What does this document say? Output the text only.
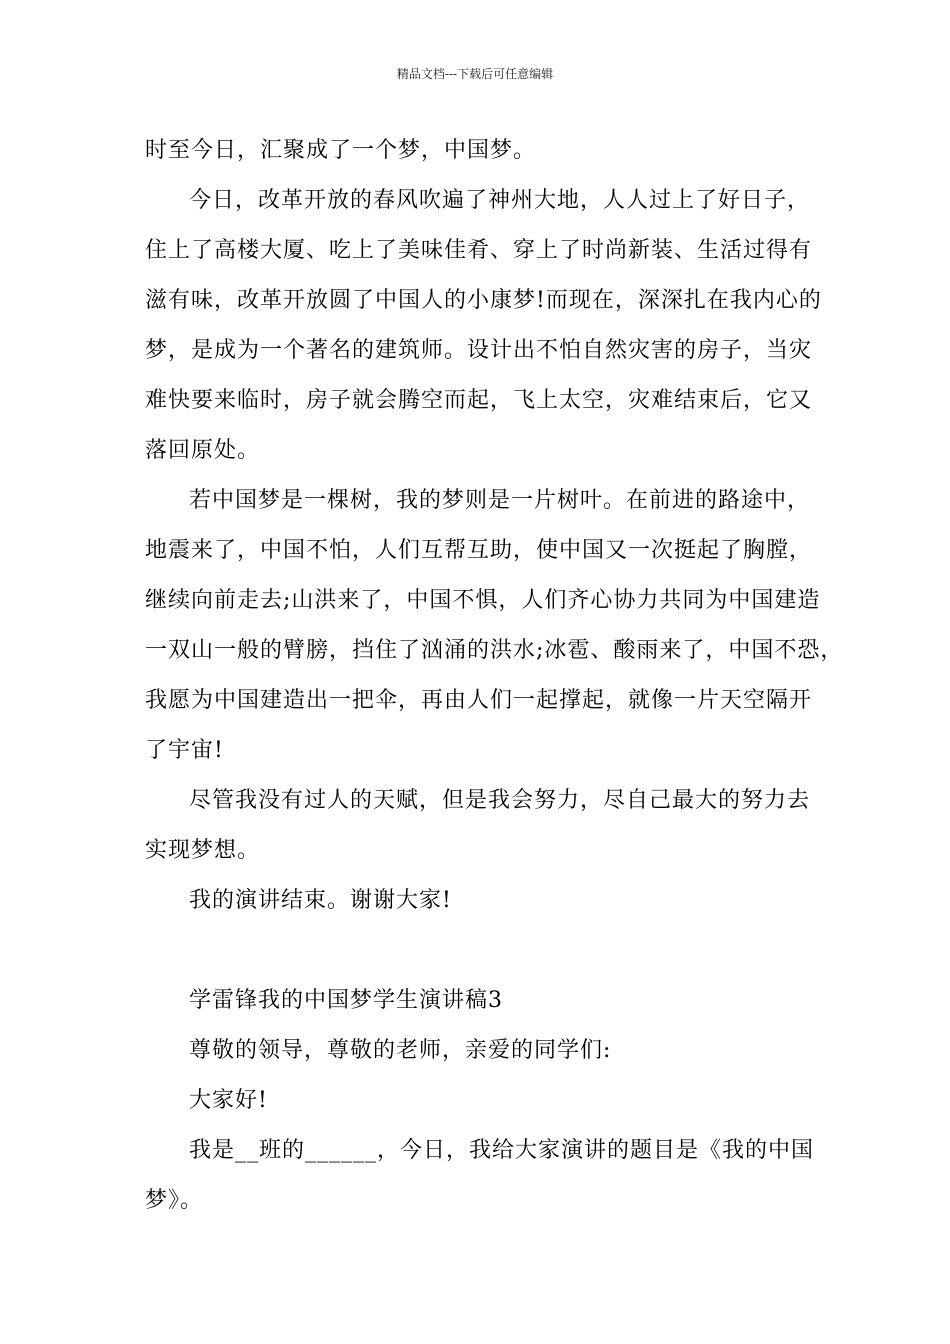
精品文档---下载后可任意编辑

时至今日，汇聚成了一个梦，中国梦。

今日，改革开放的春风吹遍了神州大地，人人过上了好日子，

住上了高楼大厦、吃上了美味佳肴、穿上了时尚新装、生活过得有

滋有味，改革开放圆了中国人的小康梦!而现在，深深扎在我内心的

梦，是成为一个著名的建筑师。设计出不怕自然灾害的房子，当灾

难快要来临时，房子就会腾空而起，飞上太空，灾难结束后，它又

落回原处。

若中国梦是一棵树，我的梦则是一片树叶。在前进的路途中，

地震来了，中国不怕，人们互帮互助，使中国又一次挺起了胸膛，

继续向前走去;山洪来了，中国不惧，人们齐心协力共同为中国建造

一双山一般的臂膀，挡住了汹涌的洪水;冰雹、酸雨来了，中国不恐，

我愿为中国建造出一把伞，再由人们一起撑起，就像一片天空隔开

了宇宙!

尽管我没有过人的天赋，但是我会努力，尽自己最大的努力去

实现梦想。

我的演讲结束。谢谢大家!

学雷锋我的中国梦学生演讲稿3

尊敬的领导，尊敬的老师，亲爱的同学们:

大家好!

我是__班的______，今日，我给大家演讲的题目是《我的中国

梦》。
